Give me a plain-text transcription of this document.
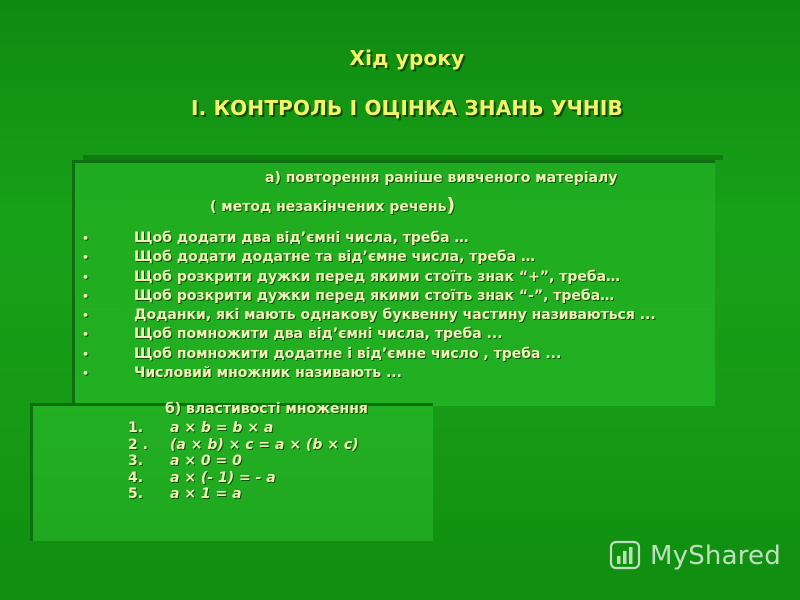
Хід уроку
І. КОНТРОЛЬ І ОЦІНКА ЗНАНЬ УЧНІВ
а) повторення раніше вивченого матеріалу
( метод незакінчених речень)
•	Щоб додати два від’ємні числа, треба …
•	Щоб додати додатне та від’ємне числа, треба …
•	Щоб розкрити дужки перед якими стоїть знак “+”, треба…
•	Щоб розкрити дужки перед якими стоїть знак “-”, треба…
•	Доданки, які мають однакову буквенну частину називаються ...
•	Щоб помножити два від’ємні числа, треба ...
•	Щоб помножити додатне і від’ємне число , треба ...
•	Числовий множник називають ...
б) властивості множення
1. a × b = b × a
2 . (a × b) × c = a × (b × c)
3. a × 0 = 0
4. a × (- 1) = - a
5. a × 1 = a
MyShared
